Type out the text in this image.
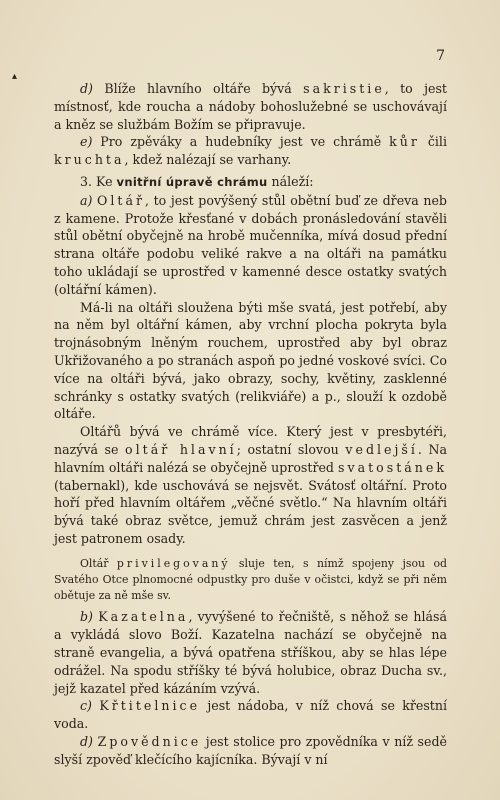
▴
7

d) Blíže hlavního oltáře bývá sakristie, to jest místnosť, kde roucha a nádoby bohoslužebné se uschovávají a kněz se službám Božím se připravuje.

e) Pro zpěváky a hudebníky jest ve chrámě kůr čili kruchta, kdež nalézají se varhany.

3. Ke vnitřní úpravě chrámu náleží:

a) Oltář, to jest povýšený stůl obětní buď ze dřeva neb z kamene. Protože křesťané v dobách pronásledování stavěli stůl obětní obyčejně na hrobě mučenníka, mívá dosud přední strana oltáře podobu veliké rakve a na oltáři na památku toho ukládají se uprostřed v kamenné desce ostatky svatých (oltářní kámen).

Má-li na oltáři sloužena býti mše svatá, jest potřebí, aby na něm byl oltářní kámen, aby vrchní plocha pokryta byla trojnásobným lněným rouchem, uprostřed aby byl obraz Ukřižovaného a po stranách aspoň po jedné voskové svíci. Co více na oltáři bývá, jako obrazy, sochy, květiny, zasklenné schránky s ostatky svatých (relikviáře) a p., slouží k ozdobě oltáře.

Oltářů bývá ve chrámě více. Který jest v presbytéři, nazývá se oltář hlavní; ostatní slovou vedlejší. Na hlavním oltáři nalézá se obyčejně uprostřed svatostánek (tabernakl), kde uschovává se nejsvět. Svátosť oltářní. Proto hoří před hlavním oltářem „věčné světlo.“ Na hlavním oltáři bývá také obraz světce, jemuž chrám jest zasvěcen a jenž jest patronem osady.

Oltář privilegovaný sluje ten, s nímž spojeny jsou od Svatého Otce plnomocné odpustky pro duše v očistci, když se při něm obětuje za ně mše sv.

b) Kazatelna, vyvýšené to řečniště, s něhož se hlásá a vykládá slovo Boží. Kazatelna nachází se obyčejně na straně evangelia, a bývá opatřena stříškou, aby se hlas lépe odrážel. Na spodu stříšky té bývá holubice, obraz Ducha sv., jejž kazatel před kázáním vzývá.

c) Křtitelnice jest nádoba, v níž chová se křestní voda.

d) Zpovědnice jest stolice pro zpovědníka v níž sedě slyší zpověď klečícího kajícníka. Bývají v ní
